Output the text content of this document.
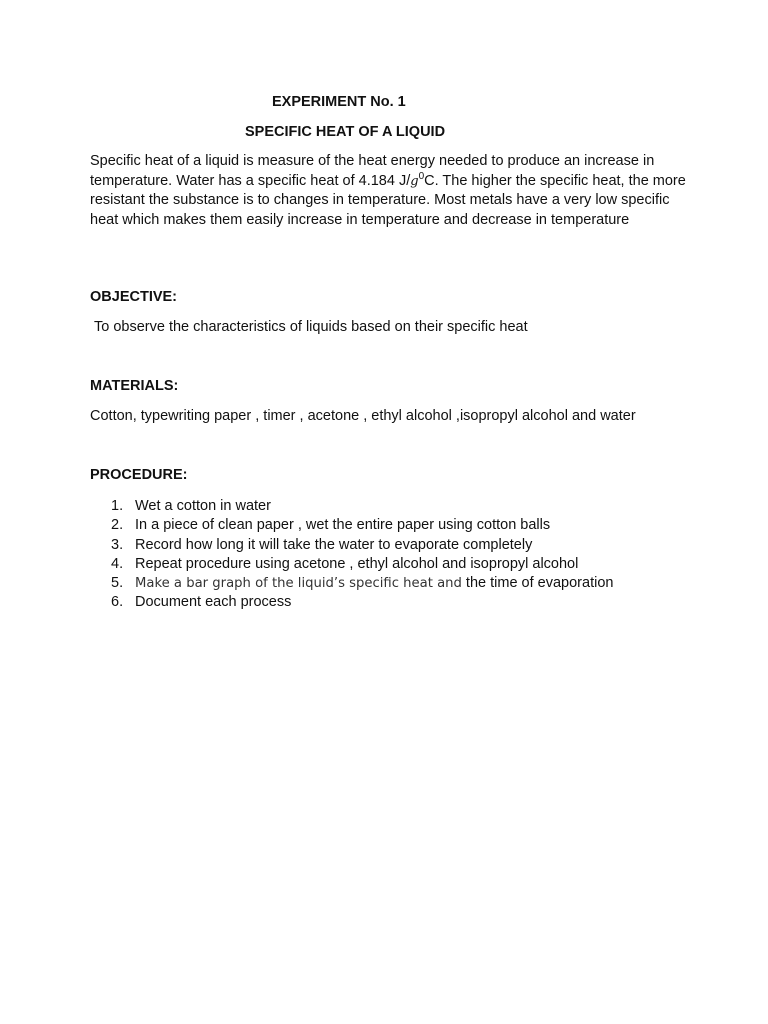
EXPERIMENT No. 1
SPECIFIC HEAT OF A LIQUID

Specific heat of a liquid is measure of the heat energy needed to produce an increase in temperature. Water has a specific heat of 4.184 $J/g^0C$. The higher the specific heat, the more resistant the substance is to changes in temperature. Most metals have a very low specific heat which makes them easily increase in temperature and decrease in temperature

OBJECTIVE:
To observe the characteristics of liquids based on their specific heat
MATERIALS:
Cotton, typewriting paper , timer , acetone , ethyl alcohol ,isopropyl alcohol and water
PROCEDURE:
1. Wet a cotton in water
2. In a piece of clean paper , wet the entire paper using cotton balls
3. Record how long it will take the water to evaporate completely
4. Repeat procedure using acetone , ethyl alcohol and isopropyl alcohol
5. Make a bar graph of the liquid’s specific heat and the time of evaporation
6. Document each process
